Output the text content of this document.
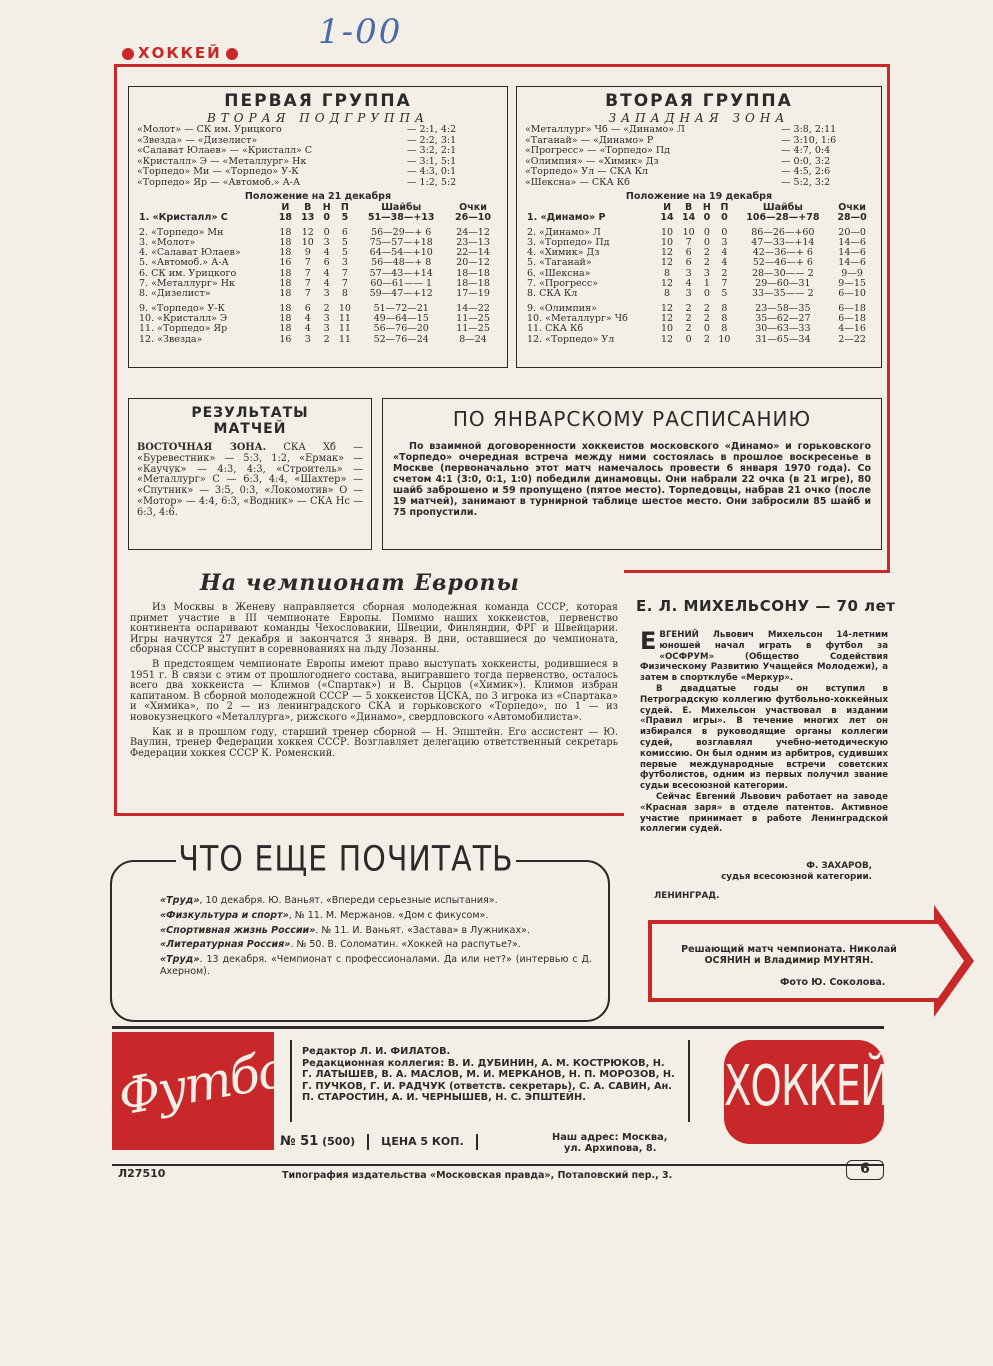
1-00
ХОККЕЙ
ПЕРВАЯ ГРУППА
ВТОРАЯ ПОДГРУППА
«Молот» — СК им. Урицкого	— 2:1, 4:2
«Звезда» — «Дизелист»	— 2:2, 3:1
«Салават Юлаев» — «Кристалл» С	— 3:2, 2:1
«Кристалл» Э — «Металлург» Нк	— 3:1, 5:1
«Торпедо» Ми — «Торпедо» У-К	— 4:3, 0:1
«Торпедо» Яр — «Автомоб.» А-А	— 1:2, 5:2
Положение на 21 декабря
	И	В	Н	П	Шайбы	Очки
1. «Кристалл» С	18	13	0	5	51—38—+13	26—10
2. «Торпедо» Мн	18	12	0	6	56—29—+ 6	24—12
3. «Молот»	18	10	3	5	75—57—+18	23—13
4. «Салават Юлаев»	18	9	4	5	64—54—+10	22—14
5. «Автомоб.» А-А	16	7	6	3	56—48—+ 8	20—12
6. СК им. Урицкого	18	7	4	7	57—43—+14	18—18
7. «Металлург» Нк	18	7	4	7	60—61—— 1	18—18
8. «Дизелист»	18	7	3	8	59—47—+12	17—19
9. «Торпедо» У-К	18	6	2	10	51—72—21	14—22
10. «Кристалл» Э	18	4	3	11	49—64—15	11—25
11. «Торпедо» Яр	18	4	3	11	56—76—20	11—25
12. «Звезда»	16	3	2	11	52—76—24	8—24
ВТОРАЯ ГРУППА
ЗАПАДНАЯ ЗОНА
«Металлург» Чб — «Динамо» Л	— 3:8, 2:11
«Таганай» — «Динамо» Р	— 3:10, 1:6
«Прогресс» — «Торпедо» Пд	— 4:7, 0:4
«Олимпия» — «Химик» Дз	— 0:0, 3:2
«Торпедо» Ул — СКА Кл	— 4:5, 2:6
«Шексна» — СКА Кб	— 5:2, 3:2
Положение на 19 декабря
	И	В	Н	П	Шайбы	Очки
1. «Динамо» Р	14	14	0	0	106—28—+78	28—0
2. «Динамо» Л	10	10	0	0	86—26—+60	20—0
3. «Торпедо» Пд	10	7	0	3	47—33—+14	14—6
4. «Химик» Дз	12	6	2	4	42—36—+ 6	14—6
5. «Таганай»	12	6	2	4	52—46—+ 6	14—6
6. «Шексна»	8	3	3	2	28—30—— 2	9—9
7. «Прогресс»	12	4	1	7	29—60—31	9—15
8. СКА Кл	8	3	0	5	33—35—— 2	6—10
9. «Олимпия»	12	2	2	8	23—58—35	6—18
10. «Металлург» Чб	12	2	2	8	35—62—27	6—18
11. СКА Кб	10	2	0	8	30—63—33	4—16
12. «Торпедо» Ул	12	0	2	10	31—65—34	2—22
РЕЗУЛЬТАТЫ
МАТЧЕЙ
ВОСТОЧНАЯ ЗОНА. СКА Хб — «Буревестник» — 5:3, 1:2, «Ермак» — «Каучук» — 4:3, 4:3, «Строитель» — «Металлург» С — 6:3, 4:4, «Шахтер» — «Спутник» — 3:5, 0:3, «Локомотив» О — «Мотор» — 4:4, 6:3, «Водник» — СКА Нс — 6:3, 4:6.
ПО ЯНВАРСКОМУ РАСПИСАНИЮ
По взаимной договоренности хоккеистов московского «Динамо» и горьковского «Торпедо» очередная встреча между ними состоялась в прошлое воскресенье в Москве (первоначально этот матч намечалось провести 6 января 1970 года). Со счетом 4:1 (3:0, 0:1, 1:0) победили динамовцы. Они набрали 22 очка (в 21 игре), 80 шайб заброшено и 59 пропущено (пятое место). Торпедовцы, набрав 21 очко (после 19 матчей), занимают в турнирной таблице шестое место. Они забросили 85 шайб и 75 пропустили.
На чемпионат Европы

Из Москвы в Женеву направляется сборная молодежная команда СССР, которая примет участие в III чемпионате Европы. Помимо наших хоккеистов, первенство континента оспаривают команды Чехословакии, Швеции, Финляндии, ФРГ и Швейцарии. Игры начнутся 27 декабря и закончатся 3 января. В дни, оставшиеся до чемпионата, сборная СССР выступит в соревнованиях на льду Лозанны.

В предстоящем чемпионате Европы имеют право выступать хоккеисты, родившиеся в 1951 г. В связи с этим от прошлогоднего состава, выигравшего тогда первенство, осталось всего два хоккеиста — Климов («Спартак») и В. Сырцов («Химик»). Климов избран капитаном. В сборной молодежной СССР — 5 хоккеистов ЦСКА, по 3 игрока из «Спартака» и «Химика», по 2 — из ленинградского СКА и горьковского «Торпедо», по 1 — из новокузнецкого «Металлурга», рижского «Динамо», свердловского «Автомобилиста».

Как и в прошлом году, старший тренер сборной — Н. Эпштейн. Его ассистент — Ю. Ваулин, тренер Федерации хоккея СССР. Возглавляет делегацию ответственный секретарь Федерации хоккея СССР К. Роменский.

Е. Л. МИХЕЛЬСОНУ — 70 лет

ЕВГЕНИЙ Львович Михельсон 14-летним юношей начал играть в футбол за «ОСФРУМ» (Общество Содействия Физическому Развитию Учащейся Молодежи), а затем в спортклубе «Меркур».

В двадцатые годы он вступил в Петроградскую коллегию футбольно-хоккейных судей. Е. Михельсон участвовал в издании «Правил игры». В течение многих лет он избирался в руководящие органы коллегии судей, возглавлял учебно-методическую комиссию. Он был одним из арбитров, судивших первые международные встречи советских футболистов, одним из первых получил звание судьи всесоюзной категории.

Сейчас Евгений Львович работает на заводе «Красная заря» в отделе патентов. Активное участие принимает в работе Ленинградской коллегии судей.

Ф. ЗАХАРОВ,
судья всесоюзной категории.
ЛЕНИНГРАД.
ЧТО ЕЩЕ ПОЧИТАТЬ

«Труд», 10 декабря. Ю. Ваньят. «Впереди серьезные испытания».

«Физкультура и спорт», № 11. М. Мержанов. «Дом с фикусом».

«Спортивная жизнь России». № 11. И. Ваньят. «Застава» в Лужниках».

«Литературная Россия». № 50. В. Соломатин. «Хоккей на распутье?».

«Труд». 13 декабря. «Чемпионат с профессионалами. Да или нет?» (интервью с Д. Ахерном).

Решающий матч чемпионата. Николай ОСЯНИН и Владимир МУНТЯН.
Фото Ю. Соколова.
Футбол
Редактор Л. И. ФИЛАТОВ.
Редакционная коллегия: В. И. ДУБИНИН, А. М. КОСТРЮКОВ, Н. Г. ЛАТЫШЕВ, В. А. МАСЛОВ, М. И. МЕРКАНОВ, Н. П. МОРОЗОВ, Н. Г. ПУЧКОВ, Г. И. РАДЧУК (ответств. секретарь), С. А. САВИН, Ан. П. СТАРОСТИН, А. И. ЧЕРНЫШЕВ, Н. С. ЭПШТЕЙН.	ХОККЕЙ
№ 51 (500) ЦЕНА 5 КОП.	Наш адрес: Москва,
ул. Архипова, 8.
Л27510	Типография издательства «Московская правда», Потаповский пер., 3.	6
